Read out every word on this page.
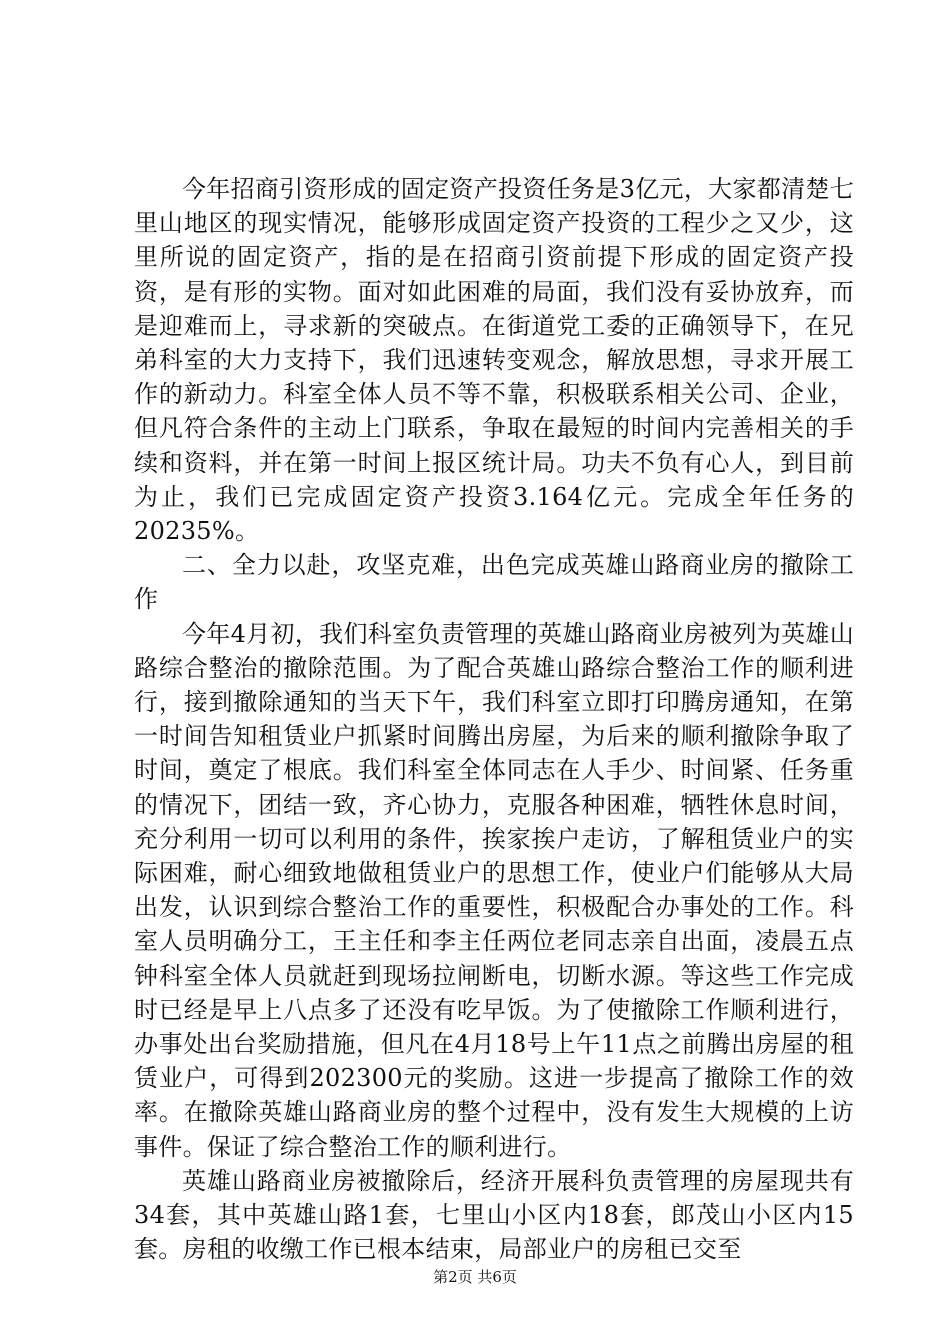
今年招商引资形成的固定资产投资任务是3亿元，大家都清楚七里山地区的现实情况，能够形成固定资产投资的工程少之又少，这里所说的固定资产，指的是在招商引资前提下形成的固定资产投资，是有形的实物。面对如此困难的局面，我们没有妥协放弃，而是迎难而上，寻求新的突破点。在街道党工委的正确领导下，在兄弟科室的大力支持下，我们迅速转变观念，解放思想，寻求开展工作的新动力。科室全体人员不等不靠，积极联系相关公司、企业，但凡符合条件的主动上门联系，争取在最短的时间内完善相关的手续和资料，并在第一时间上报区统计局。功夫不负有心人，到目前为止，我们已完成固定资产投资3.164亿元。完成全年任务的20235%。

二、全力以赴，攻坚克难，出色完成英雄山路商业房的撤除工作

今年4月初，我们科室负责管理的英雄山路商业房被列为英雄山路综合整治的撤除范围。为了配合英雄山路综合整治工作的顺利进行，接到撤除通知的当天下午，我们科室立即打印腾房通知，在第一时间告知租赁业户抓紧时间腾出房屋，为后来的顺利撤除争取了时间，奠定了根底。我们科室全体同志在人手少、时间紧、任务重的情况下，团结一致，齐心协力，克服各种困难，牺牲休息时间，充分利用一切可以利用的条件，挨家挨户走访，了解租赁业户的实际困难，耐心细致地做租赁业户的思想工作，使业户们能够从大局出发，认识到综合整治工作的重要性，积极配合办事处的工作。科室人员明确分工，王主任和李主任两位老同志亲自出面，凌晨五点钟科室全体人员就赶到现场拉闸断电，切断水源。等这些工作完成时已经是早上八点多了还没有吃早饭。为了使撤除工作顺利进行，办事处出台奖励措施，但凡在4月18号上午11点之前腾出房屋的租赁业户，可得到202300元的奖励。这进一步提高了撤除工作的效率。在撤除英雄山路商业房的整个过程中，没有发生大规模的上访事件。保证了综合整治工作的顺利进行。

英雄山路商业房被撤除后，经济开展科负责管理的房屋现共有34套，其中英雄山路1套，七里山小区内18套，郎茂山小区内15套。房租的收缴工作已根本结束，局部业户的房租已交至

第2页 共6页
